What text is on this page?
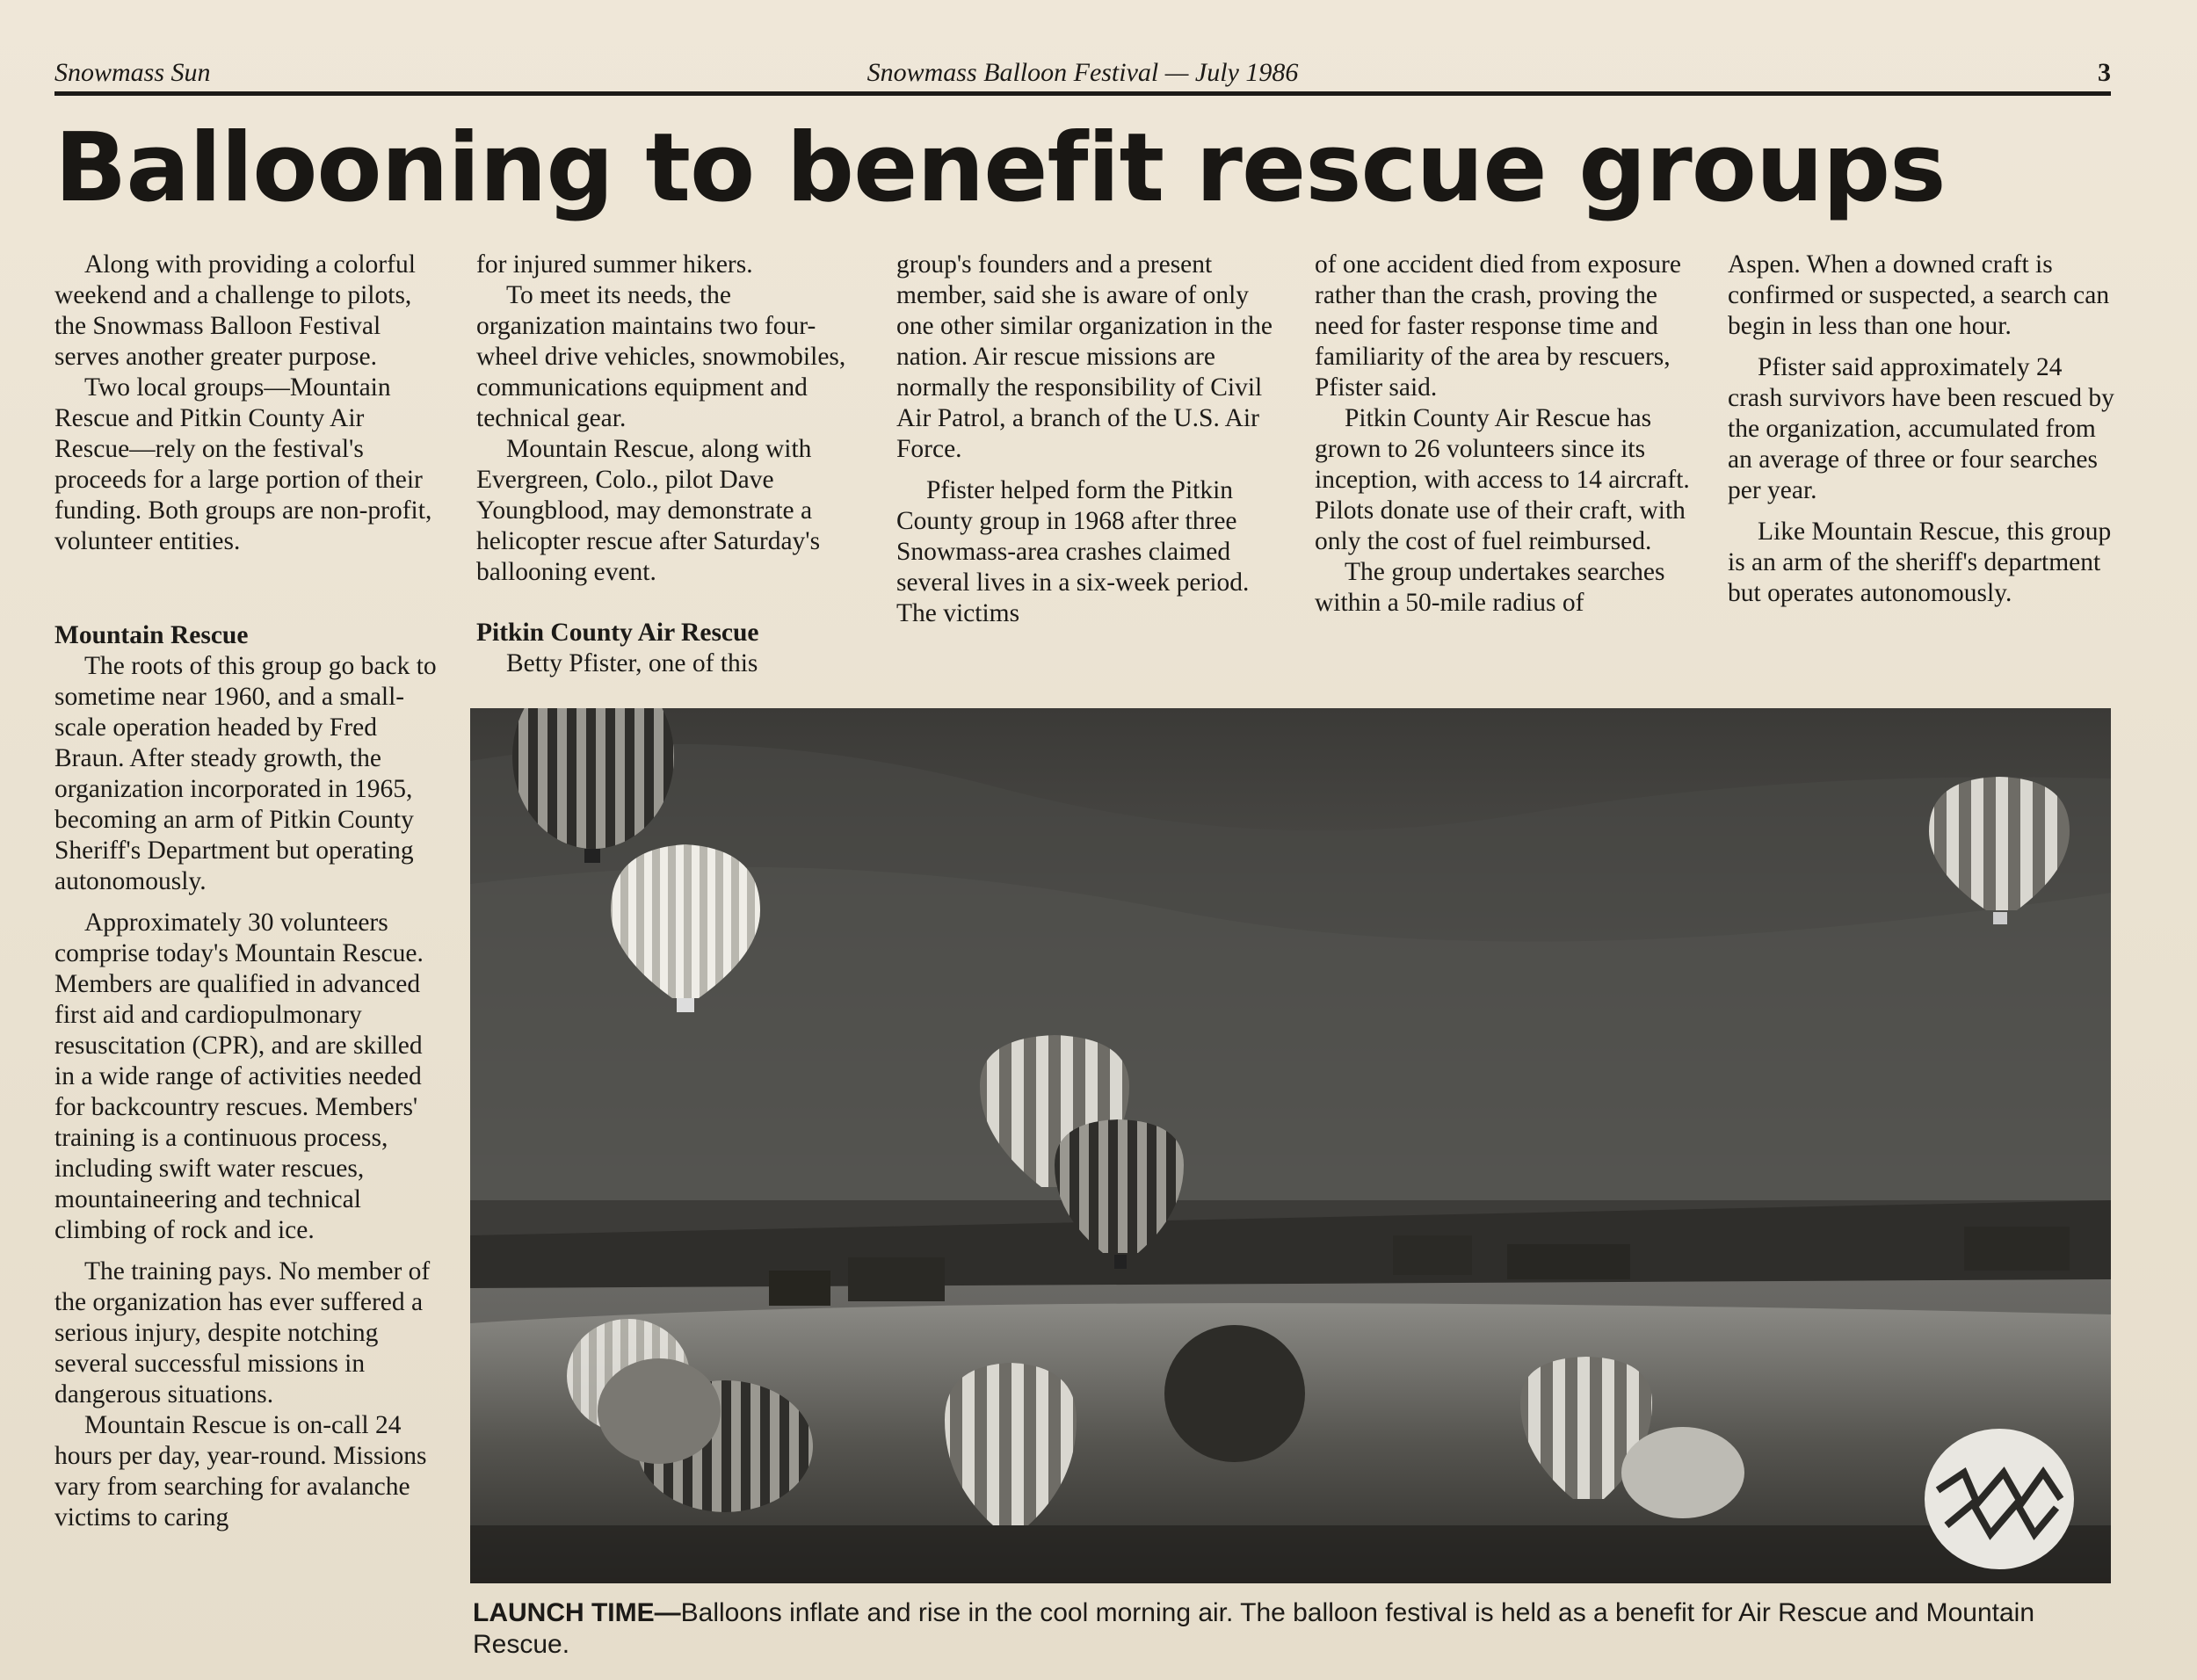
Snowmass Sun	Snowmass Balloon Festival — July 1986	3
Ballooning to benefit rescue groups

Along with providing a colorful weekend and a challenge to pilots, the Snowmass Balloon Festival serves another greater purpose.

Two local groups—Mountain Rescue and Pitkin County Air Rescue—rely on the festival's proceeds for a large portion of their funding. Both groups are non-profit, volunteer entities.

Mountain Rescue

The roots of this group go back to sometime near 1960, and a small-scale operation headed by Fred Braun. After steady growth, the organization incorporated in 1965, becoming an arm of Pitkin County Sheriff's Department but operating autonomously.

Approximately 30 volunteers comprise today's Mountain Rescue. Members are qualified in advanced first aid and cardiopulmonary resuscitation (CPR), and are skilled in a wide range of activities needed for backcountry rescues. Members' training is a continuous process, including swift water rescues, mountaineering and technical climbing of rock and ice.

The training pays. No member of the organization has ever suffered a serious injury, despite notching several successful missions in dangerous situations.

Mountain Rescue is on-call 24 hours per day, year-round. Missions vary from searching for avalanche victims to caring

for injured summer hikers.

To meet its needs, the organization maintains two four-wheel drive vehicles, snowmobiles, communications equipment and technical gear.

Mountain Rescue, along with Evergreen, Colo., pilot Dave Youngblood, may demonstrate a helicopter rescue after Saturday's ballooning event.

Pitkin County Air Rescue

Betty Pfister, one of this

group's founders and a present member, said she is aware of only one other similar organization in the nation. Air rescue missions are normally the responsibility of Civil Air Patrol, a branch of the U.S. Air Force.

Pfister helped form the Pitkin County group in 1968 after three Snowmass-area crashes claimed several lives in a six-week period. The victims

of one accident died from exposure rather than the crash, proving the need for faster response time and familiarity of the area by rescuers, Pfister said.

Pitkin County Air Rescue has grown to 26 volunteers since its inception, with access to 14 aircraft. Pilots donate use of their craft, with only the cost of fuel reimbursed.

The group undertakes searches within a 50-mile radius of

Aspen. When a downed craft is confirmed or suspected, a search can begin in less than one hour.

Pfister said approximately 24 crash survivors have been rescued by the organization, accumulated from an average of three or four searches per year.

Like Mountain Rescue, this group is an arm of the sheriff's department but operates autonomously.

LAUNCH TIME—Balloons inflate and rise in the cool morning air. The balloon festival is held as a benefit for Air Rescue and Mountain Rescue.
